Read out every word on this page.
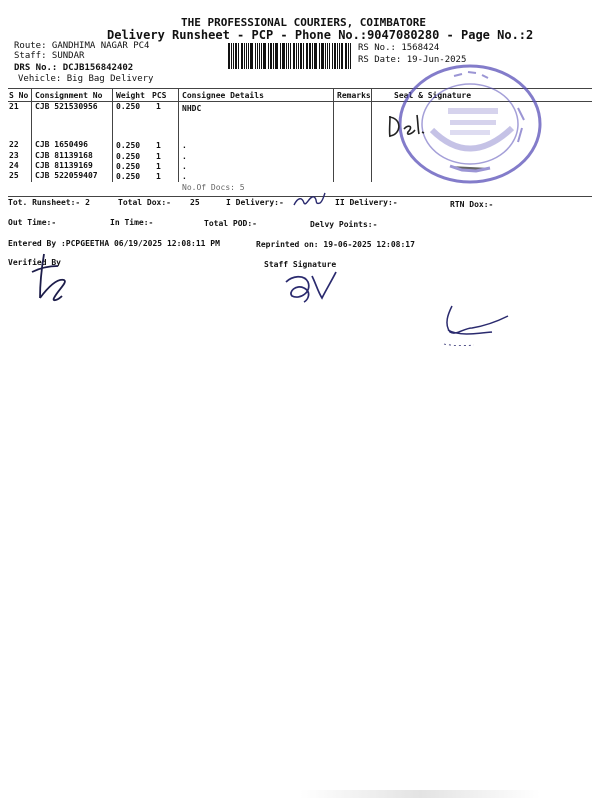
THE PROFESSIONAL COURIERS, COIMBATORE
Delivery Runsheet - PCP - Phone No.:9047080280 - Page No.:2
Route: GANDHIMA NAGAR PC4
Staff: SUNDAR
DRS No.: DCJB156842402
Vehicle: Big Bag Delivery
RS No.: 1568424
RS Date: 19-Jun-2025
S No Consignment No Weight PCS Consignee Details	Remarks	Seal & Signature
21 CJB 521530956 0.250 1	NHDC
22 CJB 1650496	0.250 1	.
23 CJB 81139168	0.250 1	.
24 CJB 81139169	0.250 1	.
25 CJB 522059407 0.250 1	.
No.Of Docs: 5
Tot. Runsheet:- 2	Total Dox:- 25	I Delivery:-	II Delivery:-	RTN Dox:-
Out Time:-	In Time:-	Total POD:-	Delvy Points:-
Entered By :PCPGEETHA 06/19/2025 12:08:11 PM	Reprinted on: 19-06-2025 12:08:17
Verified By	Staff Signature
